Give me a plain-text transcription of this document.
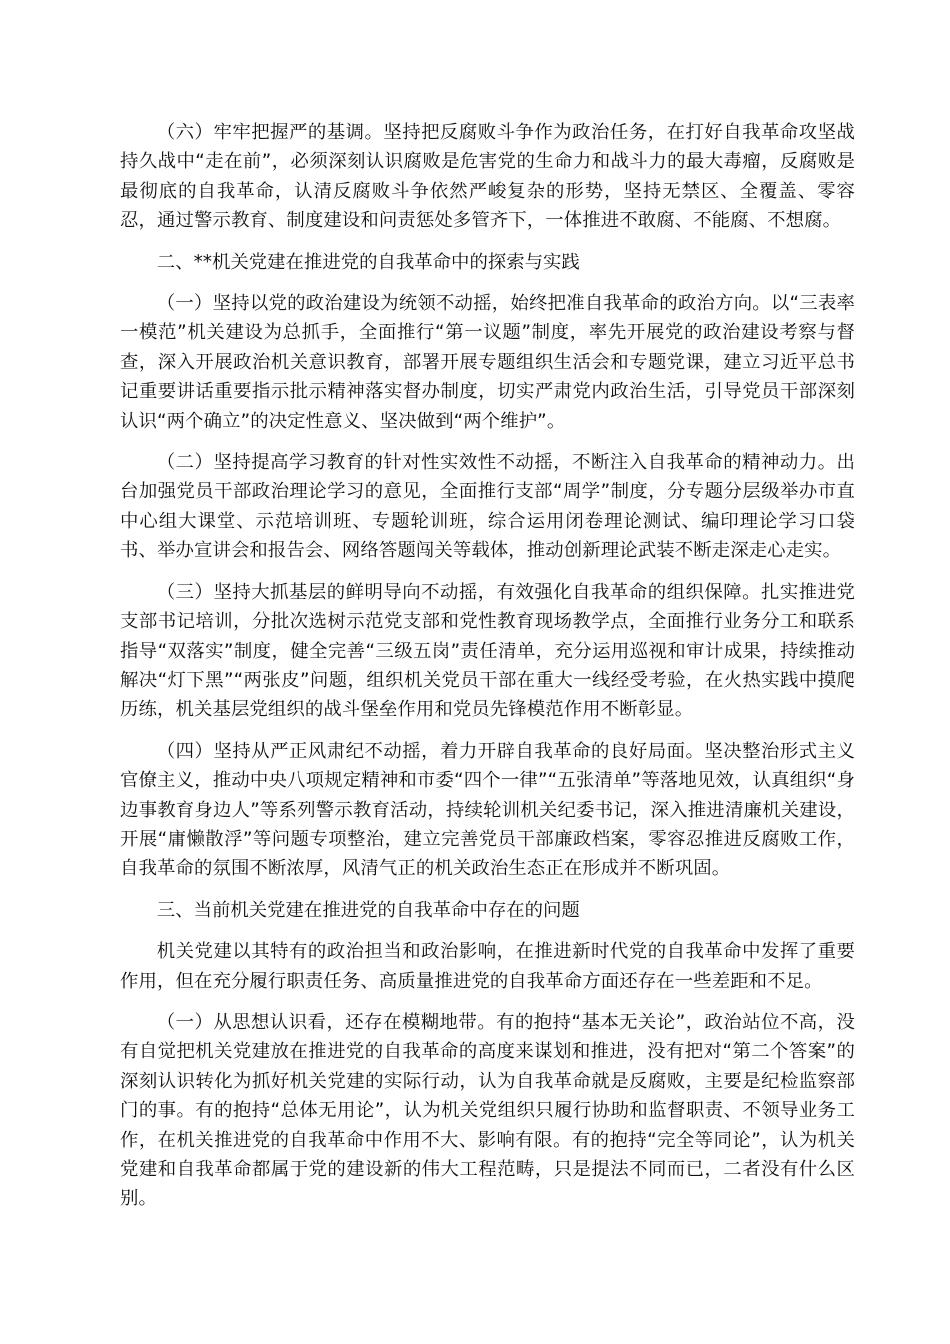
（六）牢牢把握严的基调。坚持把反腐败斗争作为政治任务，在打好自我革命攻坚战持久战中“走在前”，必须深刻认识腐败是危害党的生命力和战斗力的最大毒瘤，反腐败是最彻底的自我革命，认清反腐败斗争依然严峻复杂的形势，坚持无禁区、全覆盖、零容忍，通过警示教育、制度建设和问责惩处多管齐下，一体推进不敢腐、不能腐、不想腐。

二、**机关党建在推进党的自我革命中的探索与实践

（一）坚持以党的政治建设为统领不动摇，始终把准自我革命的政治方向。以“三表率一模范”机关建设为总抓手，全面推行“第一议题”制度，率先开展党的政治建设考察与督查，深入开展政治机关意识教育，部署开展专题组织生活会和专题党课，建立习近平总书记重要讲话重要指示批示精神落实督办制度，切实严肃党内政治生活，引导党员干部深刻认识“两个确立”的决定性意义、坚决做到“两个维护”。

（二）坚持提高学习教育的针对性实效性不动摇，不断注入自我革命的精神动力。出台加强党员干部政治理论学习的意见，全面推行支部“周学”制度，分专题分层级举办市直中心组大课堂、示范培训班、专题轮训班，综合运用闭卷理论测试、编印理论学习口袋书、举办宣讲会和报告会、网络答题闯关等载体，推动创新理论武装不断走深走心走实。

（三）坚持大抓基层的鲜明导向不动摇，有效强化自我革命的组织保障。扎实推进党支部书记培训，分批次选树示范党支部和党性教育现场教学点，全面推行业务分工和联系指导“双落实”制度，健全完善“三级五岗”责任清单，充分运用巡视和审计成果，持续推动解决“灯下黑”“两张皮”问题，组织机关党员干部在重大一线经受考验，在火热实践中摸爬历练，机关基层党组织的战斗堡垒作用和党员先锋模范作用不断彰显。

（四）坚持从严正风肃纪不动摇，着力开辟自我革命的良好局面。坚决整治形式主义官僚主义，推动中央八项规定精神和市委“四个一律”“五张清单”等落地见效，认真组织“身边事教育身边人”等系列警示教育活动，持续轮训机关纪委书记，深入推进清廉机关建设，开展“庸懒散浮”等问题专项整治，建立完善党员干部廉政档案，零容忍推进反腐败工作，自我革命的氛围不断浓厚，风清气正的机关政治生态正在形成并不断巩固。

三、当前机关党建在推进党的自我革命中存在的问题

机关党建以其特有的政治担当和政治影响，在推进新时代党的自我革命中发挥了重要作用，但在充分履行职责任务、高质量推进党的自我革命方面还存在一些差距和不足。

（一）从思想认识看，还存在模糊地带。有的抱持“基本无关论”，政治站位不高，没有自觉把机关党建放在推进党的自我革命的高度来谋划和推进，没有把对“第二个答案”的深刻认识转化为抓好机关党建的实际行动，认为自我革命就是反腐败，主要是纪检监察部门的事。有的抱持“总体无用论”，认为机关党组织只履行协助和监督职责、不领导业务工作，在机关推进党的自我革命中作用不大、影响有限。有的抱持“完全等同论”，认为机关党建和自我革命都属于党的建设新的伟大工程范畴，只是提法不同而已，二者没有什么区别。
